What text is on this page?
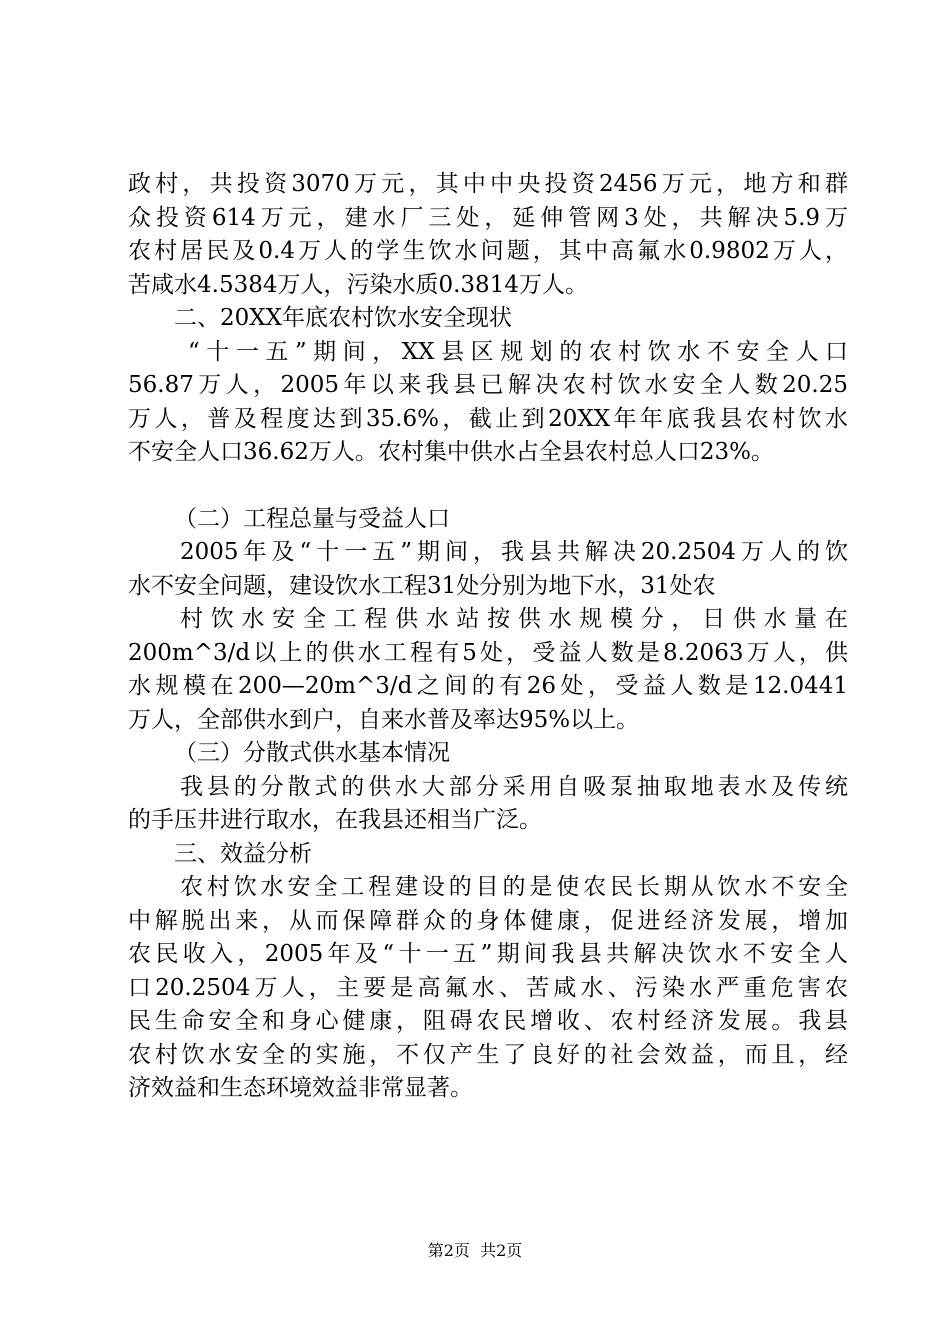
政村，共投资3070万元，其中中央投资2456万元，地方和群
众投资614万元，建水厂三处，延伸管网3处，共解决5.9万
农村居民及0.4万人的学生饮水问题，其中高氟水0.9802万人，
苦咸水4.5384万人，污染水质0.3814万人。
二、20XX年底农村饮水安全现状
“十一五”期间，XX县区规划的农村饮水不安全人口
56.87万人，2005年以来我县已解决农村饮水安全人数20.25
万人，普及程度达到35.6%，截止到20XX年年底我县农村饮水
不安全人口36.62万人。农村集中供水占全县农村总人口23%。
（二）工程总量与受益人口
2005年及“十一五”期间，我县共解决20.2504万人的饮
水不安全问题，建设饮水工程31处分别为地下水，31处农
村饮水安全工程供水站按供水规模分，日供水量在
200m^3/d以上的供水工程有5处，受益人数是8.2063万人，供
水规模在200—20m^3/d之间的有26处，受益人数是12.0441
万人，全部供水到户，自来水普及率达95%以上。
（三）分散式供水基本情况
我县的分散式的供水大部分采用自吸泵抽取地表水及传统
的手压井进行取水，在我县还相当广泛。
三、效益分析
农村饮水安全工程建设的目的是使农民长期从饮水不安全
中解脱出来，从而保障群众的身体健康，促进经济发展，增加
农民收入，2005年及“十一五”期间我县共解决饮水不安全人
口20.2504万人，主要是高氟水、苦咸水、污染水严重危害农
民生命安全和身心健康，阻碍农民增收、农村经济发展。我县
农村饮水安全的实施，不仅产生了良好的社会效益，而且，经
济效益和生态环境效益非常显著。
第2页  共2页
